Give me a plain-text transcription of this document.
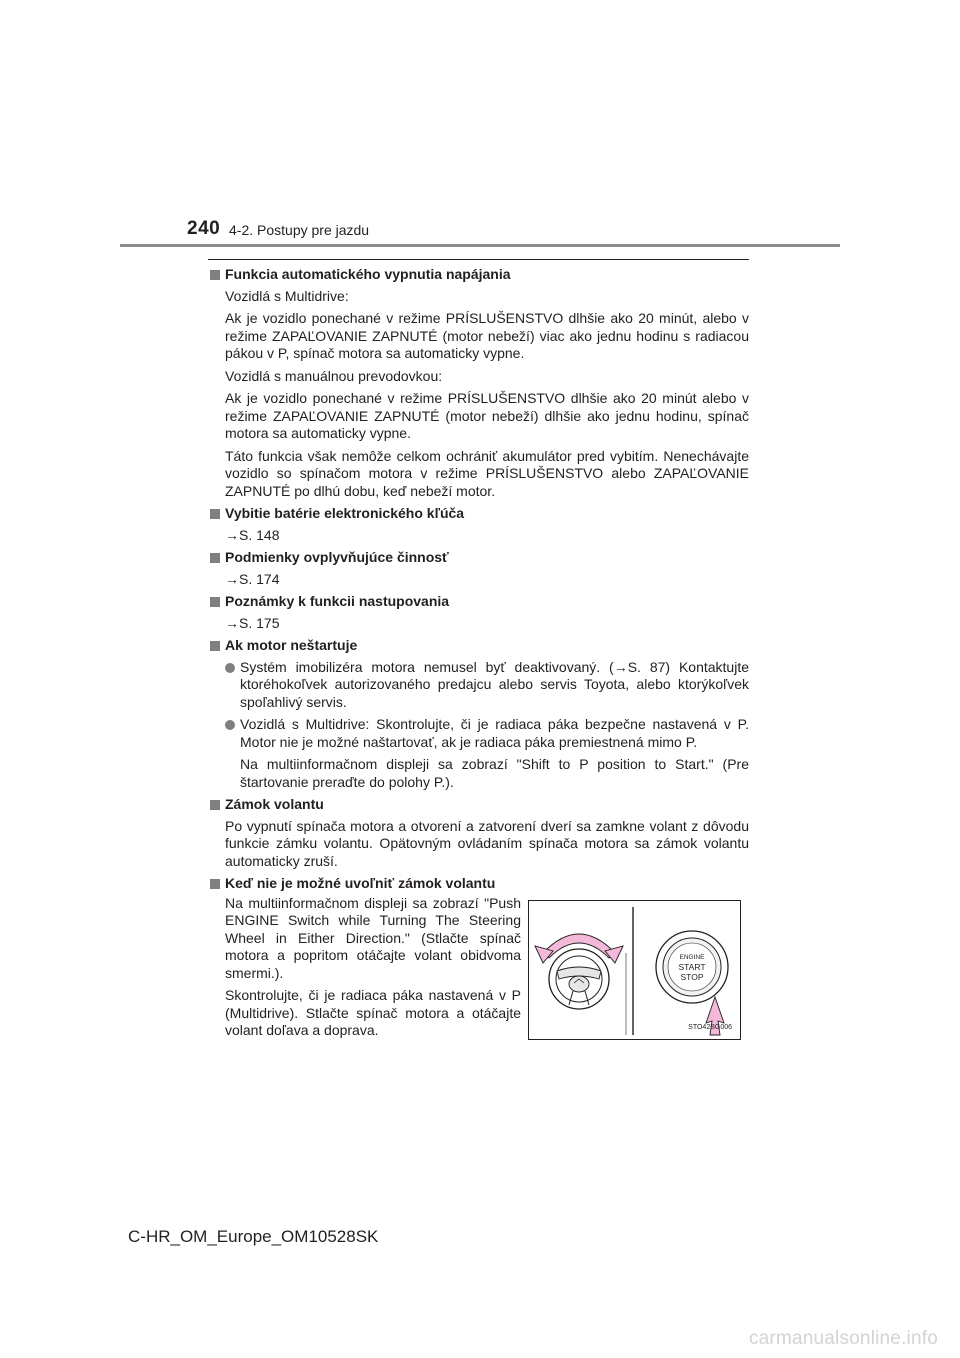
240 4-2. Postupy pre jazdu

Funkcia automatického vypnutia napájania

Vozidlá s Multidrive:

Ak je vozidlo ponechané v režime PRÍSLUŠENSTVO dlhšie ako 20 minút, alebo v režime ZAPAĽOVANIE ZAPNUTÉ (motor nebeží) viac ako jednu hodinu s radiacou pákou v P, spínač motora sa automaticky vypne.

Vozidlá s manuálnou prevodovkou:

Ak je vozidlo ponechané v režime PRÍSLUŠENSTVO dlhšie ako 20 minút alebo v režime ZAPAĽOVANIE ZAPNUTÉ (motor nebeží) dlhšie ako jednu hodinu, spínač motora sa automaticky vypne.

Táto funkcia však nemôže celkom ochrániť akumulátor pred vybitím. Nenechávajte vozidlo so spínačom motora v režime PRÍSLUŠENSTVO alebo ZAPAĽOVANIE ZAPNUTÉ po dlhú dobu, keď nebeží motor.

Vybitie batérie elektronického kľúča

→S. 148

Podmienky ovplyvňujúce činnosť

→S. 174

Poznámky k funkcii nastupovania

→S. 175

Ak motor neštartuje

Systém imobilizéra motora nemusel byť deaktivovaný. (→S. 87) Kontaktujte ktoréhokoľvek autorizovaného predajcu alebo servis Toyota, alebo ktorýkoľvek spoľahlivý servis.

Vozidlá s Multidrive: Skontrolujte, či je radiaca páka bezpečne nastavená v P. Motor nie je možné naštartovať, ak je radiaca páka premiestnená mimo P.

Na multiinformačnom displeji sa zobrazí "Shift to P position to Start." (Pre štartovanie preraďte do polohy P.).

Zámok volantu

Po vypnutí spínača motora a otvorení a zatvorení dverí sa zamkne volant z dôvodu funkcie zámku volantu. Opätovným ovládaním spínača motora sa zámok volantu automaticky zruší.

Keď nie je možné uvoľniť zámok volantu

Na multiinformačnom displeji sa zobrazí "Push ENGINE Switch while Turning The Steering Wheel in Either Direction." (Stlačte spínač motora a popritom otáčajte volant obidvoma smermi.).

Skontrolujte, či je radiaca páka nastavená v P (Multidrive). Stlačte spínač motora a otáčajte volant doľava a doprava.

ENGINE
START
STOP
STO42BG006
C-HR_OM_Europe_OM10528SK
carmanualsonline.info
